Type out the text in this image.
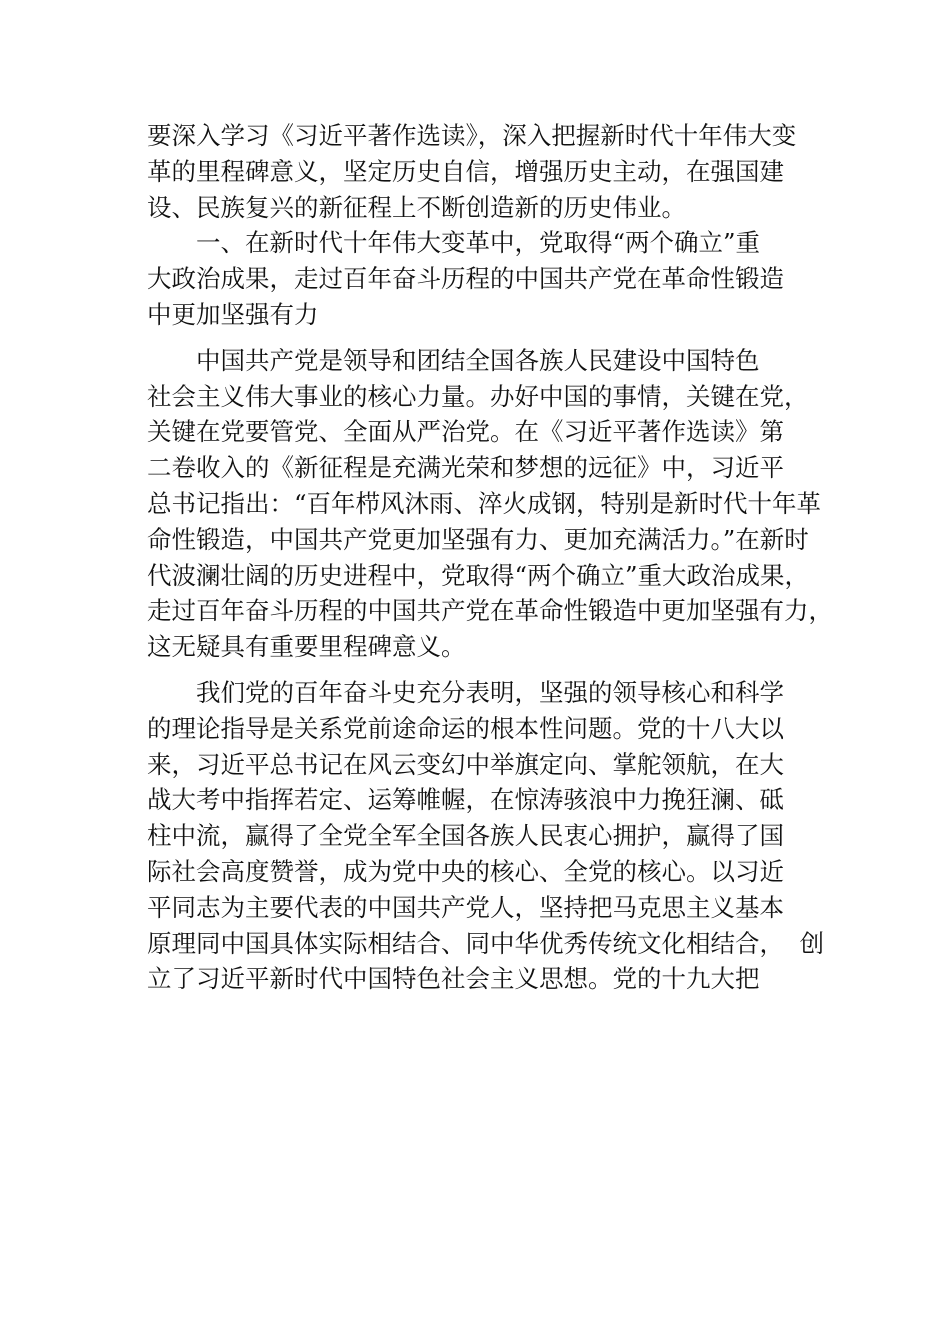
要深入学习《习近平著作选读》，深入把握新时代十年伟大变
革的里程碑意义，坚定历史自信，增强历史主动，在强国建
设、民族复兴的新征程上不断创造新的历史伟业。
一、在新时代十年伟大变革中，党取得“两个确立”重
大政治成果，走过百年奋斗历程的中国共产党在革命性锻造
中更加坚强有力
中国共产党是领导和团结全国各族人民建设中国特色
社会主义伟大事业的核心力量。办好中国的事情，关键在党，
关键在党要管党、全面从严治党。在《习近平著作选读》第
二卷收入的《新征程是充满光荣和梦想的远征》中，习近平
总书记指出：“百年栉风沐雨、淬火成钢，特别是新时代十年革
命性锻造，中国共产党更加坚强有力、更加充满活力。”在新时
代波澜壮阔的历史进程中，党取得“两个确立”重大政治成果，
走过百年奋斗历程的中国共产党在革命性锻造中更加坚强有力，
这无疑具有重要里程碑意义。
我们党的百年奋斗史充分表明，坚强的领导核心和科学
的理论指导是关系党前途命运的根本性问题。党的十八大以
来，习近平总书记在风云变幻中举旗定向、掌舵领航，在大
战大考中指挥若定、运筹帷幄，在惊涛骇浪中力挽狂澜、砥
柱中流，赢得了全党全军全国各族人民衷心拥护，赢得了国
际社会高度赞誉，成为党中央的核心、全党的核心。以习近
平同志为主要代表的中国共产党人，坚持把马克思主义基本
原理同中国具体实际相结合、同中华优秀传统文化相结合，  创
立了习近平新时代中国特色社会主义思想。党的十九大把
